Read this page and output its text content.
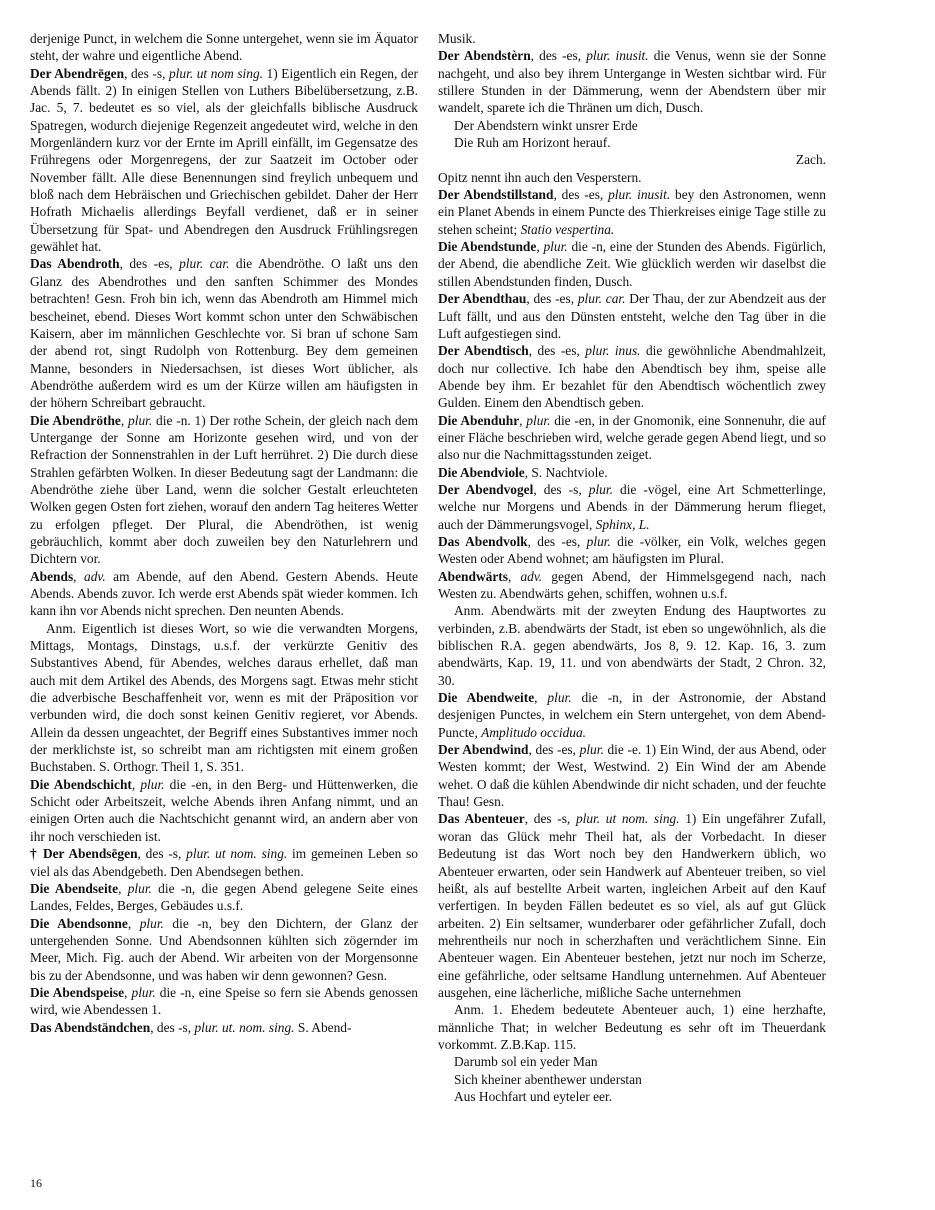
derjenige Punct, in welchem die Sonne untergehet, wenn sie im Äquator steht, der wahre und eigentliche Abend.

Der Abendrēgen, des -s, plur. ut nom sing. 1) Eigentlich ein Regen, der Abends fällt. 2) In einigen Stellen von Luthers Bibelübersetzung, z.B. Jac. 5, 7. bedeutet es so viel, als der gleichfalls biblische Ausdruck Spatregen, wodurch diejenige Regenzeit angedeutet wird, welche in den Morgenländern kurz vor der Ernte im Aprill einfällt, im Gegensatze des Frühregens oder Morgenregens, der zur Saatzeit im October oder November fällt. Alle diese Benennungen sind freylich unbequem und bloß nach dem Hebräischen und Griechischen gebildet. Daher der Herr Hofrath Michaelis allerdings Beyfall verdienet, daß er in seiner Übersetzung für Spat- und Abendregen den Ausdruck Frühlingsregen gewählet hat.

Das Abendroth, des -es, plur. car. die Abendröthe. O laßt uns den Glanz des Abendrothes und den sanften Schimmer des Mondes betrachten! Gesn. Froh bin ich, wenn das Abendroth am Himmel mich bescheinet, ebend. Dieses Wort kommt schon unter den Schwäbischen Kaisern, aber im männlichen Geschlechte vor. Si bran uf schone Sam der abend rot, singt Rudolph von Rottenburg. Bey dem gemeinen Manne, besonders in Niedersachsen, ist dieses Wort üblicher, als Abendröthe außerdem wird es um der Kürze willen am häufigsten in der höhern Schreibart gebraucht.

Die Abendröthe, plur. die -n. 1) Der rothe Schein, der gleich nach dem Untergange der Sonne am Horizonte gesehen wird, und von der Refraction der Sonnenstrahlen in der Luft herrühret. 2) Die durch diese Strahlen gefärbten Wolken. In dieser Bedeutung sagt der Landmann: die Abendröthe ziehe über Land, wenn die solcher Gestalt erleuchteten Wolken gegen Osten fort ziehen, worauf den andern Tag heiteres Wetter zu erfolgen pfleget. Der Plural, die Abendröthen, ist wenig gebräuchlich, kommt aber doch zuweilen bey den Naturlehrern und Dichtern vor.

Abends, adv. am Abende, auf den Abend. Gestern Abends. Heute Abends. Abends zuvor. Ich werde erst Abends spät wieder kommen. Ich kann ihn vor Abends nicht sprechen. Den neunten Abends.

Anm. Eigentlich ist dieses Wort, so wie die verwandten Morgens, Mittags, Montags, Dinstags, u.s.f. der verkürzte Genitiv des Substantives Abend, für Abendes, welches daraus erhellet, daß man auch mit dem Artikel des Abends, des Morgens sagt. Etwas mehr sticht die adverbische Beschaffenheit vor, wenn es mit der Präposition vor verbunden wird, die doch sonst keinen Genitiv regieret, vor Abends. Allein da dessen ungeachtet, der Begriff eines Substantives immer noch der merklichste ist, so schreibt man am richtigsten mit einem großen Buchstaben. S. Orthogr. Theil 1, S. 351.

Die Abendschicht, plur. die -en, in den Berg- und Hüttenwerken, die Schicht oder Arbeitszeit, welche Abends ihren Anfang nimmt, und an einigen Orten auch die Nachtschicht genannt wird, an andern aber von ihr noch verschieden ist.

† Der Abendsēgen, des -s, plur. ut nom. sing. im gemeinen Leben so viel als das Abendgebeth. Den Abendsegen bethen.

Die Abendseite, plur. die -n, die gegen Abend gelegene Seite eines Landes, Feldes, Berges, Gebäudes u.s.f.

Die Abendsonne, plur. die -n, bey den Dichtern, der Glanz der untergehenden Sonne. Und Abendsonnen kühlten sich zögernder im Meer, Mich. Fig. auch der Abend. Wir arbeiten von der Morgensonne bis zu der Abendsonne, und was haben wir denn gewonnen? Gesn.

Die Abendspeise, plur. die -n, eine Speise so fern sie Abends genossen wird, wie Abendessen 1.

Das Abendständchen, des -s, plur. ut. nom. sing. S. Abend-

Musik.

Der Abendstèrn, des -es, plur. inusit. die Venus, wenn sie der Sonne nachgeht, und also bey ihrem Untergange in Westen sichtbar wird. Für stillere Stunden in der Dämmerung, wenn der Abendstern über mir wandelt, sparete ich die Thränen um dich, Dusch.

Der Abendstern winkt unsrer Erde

Die Ruh am Horizont herauf.

Zach.

Opitz nennt ihn auch den Vesperstern.

Der Abendstillstand, des -es, plur. inusit. bey den Astronomen, wenn ein Planet Abends in einem Puncte des Thierkreises einige Tage stille zu stehen scheint; Statio vespertina.

Die Abendstunde, plur. die -n, eine der Stunden des Abends. Figürlich, der Abend, die abendliche Zeit. Wie glücklich werden wir daselbst die stillen Abendstunden finden, Dusch.

Der Abendthau, des -es, plur. car. Der Thau, der zur Abendzeit aus der Luft fällt, und aus den Dünsten entsteht, welche den Tag über in die Luft aufgestiegen sind.

Der Abendtisch, des -es, plur. inus. die gewöhnliche Abendmahlzeit, doch nur collective. Ich habe den Abendtisch bey ihm, speise alle Abende bey ihm. Er bezahlet für den Abendtisch wöchentlich zwey Gulden. Einem den Abendtisch geben.

Die Abenduhr, plur. die -en, in der Gnomonik, eine Sonnenuhr, die auf einer Fläche beschrieben wird, welche gerade gegen Abend liegt, und so also nur die Nachmittagsstunden zeiget.

Die Abendviole, S. Nachtviole.

Der Abendvogel, des -s, plur. die -vögel, eine Art Schmetterlinge, welche nur Morgens und Abends in der Dämmerung herum flieget, auch der Dämmerungsvogel, Sphinx, L.

Das Abendvolk, des -es, plur. die -völker, ein Volk, welches gegen Westen oder Abend wohnet; am häufigsten im Plural.

Abendwärts, adv. gegen Abend, der Himmelsgegend nach, nach Westen zu. Abendwärts gehen, schiffen, wohnen u.s.f.

Anm. Abendwärts mit der zweyten Endung des Hauptwortes zu verbinden, z.B. abendwärts der Stadt, ist eben so ungewöhnlich, als die biblischen R.A. gegen abendwärts, Jos 8, 9. 12. Kap. 16, 3. zum abendwärts, Kap. 19, 11. und von abendwärts der Stadt, 2 Chron. 32, 30.

Die Abendweite, plur. die -n, in der Astronomie, der Abstand desjenigen Punctes, in welchem ein Stern untergehet, von dem Abend-Puncte, Amplitudo occidua.

Der Abendwind, des -es, plur. die -e. 1) Ein Wind, der aus Abend, oder Westen kommt; der West, Westwind. 2) Ein Wind der am Abende wehet. O daß die kühlen Abendwinde dir nicht schaden, und der feuchte Thau! Gesn.

Das Abenteuer, des -s, plur. ut nom. sing. 1) Ein ungefährer Zufall, woran das Glück mehr Theil hat, als der Vorbedacht. In dieser Bedeutung ist das Wort noch bey den Handwerkern üblich, wo Abenteuer erwarten, oder sein Handwerk auf Abenteuer treiben, so viel heißt, als auf bestellte Arbeit warten, ingleichen Arbeit auf den Kauf verfertigen. In beyden Fällen bedeutet es so viel, als auf gut Glück arbeiten. 2) Ein seltsamer, wunderbarer oder gefährlicher Zufall, doch mehrentheils nur noch in scherzhaften und verächtlichem Sinne. Ein Abenteuer wagen. Ein Abenteuer bestehen, jetzt nur noch im Scherze, eine gefährliche, oder seltsame Handlung unternehmen. Auf Abenteuer ausgehen, eine lächerliche, mißliche Sache unternehmen

Anm. 1. Ehedem bedeutete Abenteuer auch, 1) eine herzhafte, männliche That; in welcher Bedeutung es sehr oft im Theuerdank vorkommt. Z.B.Kap. 115.

Darumb sol ein yeder Man

Sich kheiner abenthewer understan

Aus Hochfart und eyteler eer.

16
